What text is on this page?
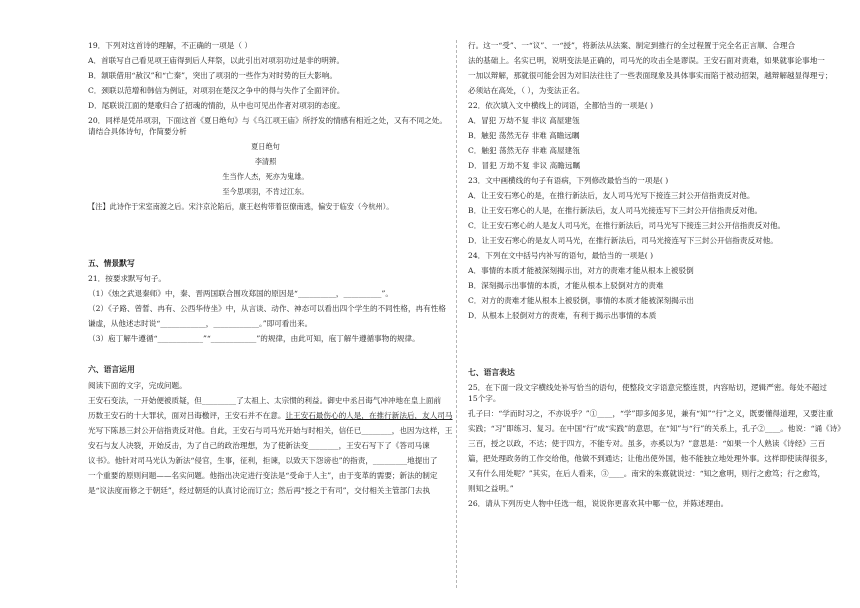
19．下列对这首诗的理解，不正确的一项是（ ）
A．首联写自己看见项王庙得到后人拜祭，以此引出对项羽功过是非的明辨。
B．颔联借用“赦汉”和“亡秦”，突出了项羽的一些作为对时势的巨大影响。
C．颈联以范增和韩信为例证，对项羽在楚汉之争中的得与失作了全面评价。
D．尾联说江面的楚歌归合了招魂的情韵，从中也可见出作者对项羽的态度。
20．同样是凭吊项羽，下面这首《夏日绝句》与《乌江项王庙》所抒发的情感有相近之处，又有不同之处。
请结合具体诗句，作简要分析
夏日绝句
李清照
生当作人杰，死亦为鬼雄。
至今思项羽，不肯过江东。
【注】此诗作于宋室南渡之后。宋汴京沦陷后，康王赵构带着臣僚南逃，偏安于临安（今杭州）。
五、情景默写
21．按要求默写句子。
（1）《烛之武退秦师》中，秦、晋两国联合围攻郑国的原因是“__________，__________”。
（2）《子路、曾皙、冉有、公西华侍坐》中，从言谈、动作、神态可以看出四个学生的不同性格，冉有性格
谦虚，从他述志时说“____________，____________。”即可看出来。
（3）庖丁解牛遵循“____________”“____________”的规律，由此可知，庖丁解牛遵循事物的规律。
六、语言运用
阅读下面的文字，完成问题。
王安石变法，一开始便被质疑，但_________了太祖上、太宗惯的利益。御史中丞吕诲气冲冲地在皇上面前
历数王安石的十大罪状，面对吕诲檄评，王安石并不在意。让王安石最伤心的人是，在推行新法后，友人司马
光写下陈恳三封公开信指责反对他。自此，王安石与司马光开始与时相关，信任已________，也因为这样，王
安石与友人决裂，开始反击，为了自己的政治理想，为了使新法变________，王安石写下了《答司马谏
议书》。他针对司马光认为新法“侵官，生事，征利，拒谏，以致天下怨谤也”的指责，_________地提出了
一个重要的原则问题——名实问题。他指出决定进行变法是“受命于人主”，由于变革的需要；新法的制定
是“议法度而修之于朝廷”，经过朝廷的认真讨论而订立；然后再“授之于有司”，交付相关主管部门去执
行。这一“受”、一“议”、一“授”，将新法从法案、制定到推行的全过程置于完全名正言顺、合理合
法的基础上。名实已明，说明变法是正确的，司马光的攻击全是谬误。王安石面对责难，如果就事论事地一
一加以辩解，那就很可能会因为对旧法往往了一些表面现象及具体事实而陷于被动招架，越辩解越显得理亏；
必须站在高处，（ ），为变法正名。
22．依次填入文中横线上的词语，全都恰当的一项是( )
A．冒犯 万劫不复 非议 高屋建瓴
B．触犯 荡然无存 非难 高瞻远瞩
C．触犯 荡然无存 非难 高屋建瓴
D．冒犯 万劫不复 非议 高瞻远瞩
23．文中画横线的句子有语病，下列修改最恰当的一项是( )
A．让王安石寒心的是，在推行新法后，友人司马光写下接连三封公开信指责反对他。
B．让王安石寒心的人是，在推行新法后，友人司马光接连写下三封公开信指责反对他。
C．让王安石寒心的人是友人司马光，在推行新法后，司马光写下接连三封公开信指责反对他。
D．让王安石寒心的是友人司马光，在推行新法后，司马光接连写下三封公开信指责反对他。
24．下列在文中括号内补写的语句，最恰当的一项是( )
A．事情的本质才能被深刻揭示出，对方的责难才能从根本上被驳倒
B．深刻揭示出事情的本质，才能从根本上驳倒对方的责难
C．对方的责难才能从根本上被驳倒，事情的本质才能被深刻揭示出
D．从根本上驳倒对方的责难，有利于揭示出事情的本质
七、语言表达
25．在下面一段文字横线处补写恰当的语句，使整段文字语意完整连贯，内容贴切，逻辑严密。每处不超过
15个字。
孔子曰：“学而时习之，不亦说乎？”①____，“学”即多闻多见，兼有“知”“行”之义，既要懂得道理，又要注重
实践；“习”即练习、复习。在中国“行”成“实践”的意思，在“知”与“行”的关系上，孔子②____。他说：“诵《诗》
三百，授之以政，不达；使于四方，不能专对。虽多，亦奚以为？”意思是：“如果一个人熟读《诗经》三百
篇，把处理政务的工作交给他，他做不到通达；让他出使外国，他不能独立地处理外事。这样即使读得很多，
又有什么用处呢？”其实，在后人看来，③____。南宋的朱熹就说过：“知之愈明，则行之愈笃；行之愈笃，
则知之益明。”
26．请从下列历史人物中任选一组，说说你更喜欢其中哪一位，并陈述理由。
